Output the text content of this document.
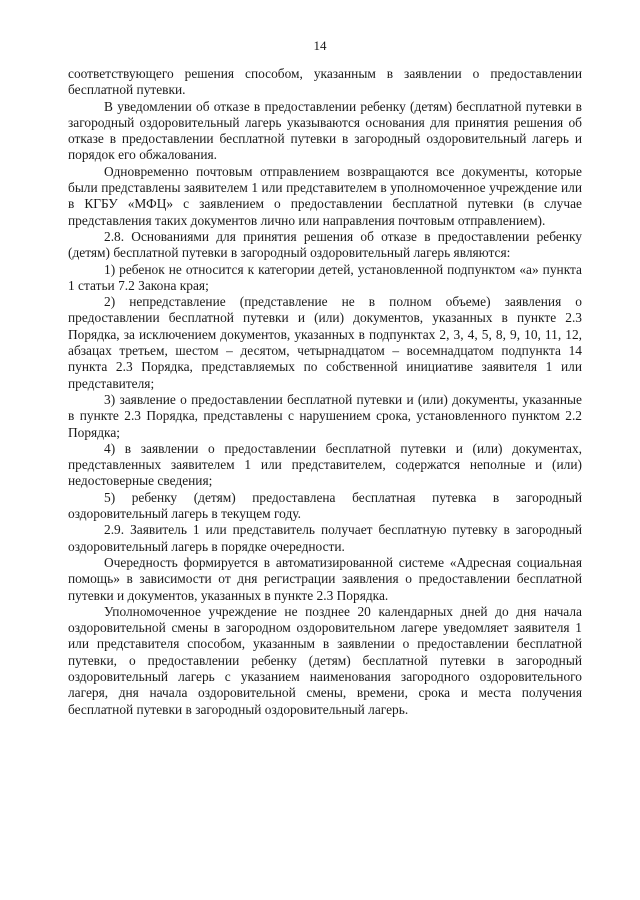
14

соответствующего решения способом, указанным в заявлении о предоставлении бесплатной путевки.

В уведомлении об отказе в предоставлении ребенку (детям) бесплатной путевки в загородный оздоровительный лагерь указываются основания для принятия решения об отказе в предоставлении бесплатной путевки в загородный оздоровительный лагерь и порядок его обжалования.

Одновременно почтовым отправлением возвращаются все документы, которые были представлены заявителем 1 или представителем в уполномоченное учреждение или в КГБУ «МФЦ» с заявлением о предоставлении бесплатной путевки (в случае представления таких документов лично или направления почтовым отправлением).

2.8. Основаниями для принятия решения об отказе в предоставлении ребенку (детям) бесплатной путевки в загородный оздоровительный лагерь являются:

1) ребенок не относится к категории детей, установленной подпунктом «а» пункта 1 статьи 7.2 Закона края;

2) непредставление (представление не в полном объеме) заявления о предоставлении бесплатной путевки и (или) документов, указанных в пункте 2.3 Порядка, за исключением документов, указанных в подпунктах 2, 3, 4, 5, 8, 9, 10, 11, 12, абзацах третьем, шестом – десятом, четырнадцатом – восемнадцатом подпункта 14 пункта 2.3 Порядка, представляемых по собственной инициативе заявителя 1 или представителя;

3) заявление о предоставлении бесплатной путевки и (или) документы, указанные в пункте 2.3 Порядка, представлены с нарушением срока, установленного пунктом 2.2 Порядка;

4) в заявлении о предоставлении бесплатной путевки и (или) документах, представленных заявителем 1 или представителем, содержатся неполные и (или) недостоверные сведения;

5) ребенку (детям) предоставлена бесплатная путевка в загородный оздоровительный лагерь в текущем году.

2.9. Заявитель 1 или представитель получает бесплатную путевку в загородный оздоровительный лагерь в порядке очередности.

Очередность формируется в автоматизированной системе «Адресная социальная помощь» в зависимости от дня регистрации заявления о предоставлении бесплатной путевки и документов, указанных в пункте 2.3 Порядка.

Уполномоченное учреждение не позднее 20 календарных дней до дня начала оздоровительной смены в загородном оздоровительном лагере уведомляет заявителя 1 или представителя способом, указанным в заявлении о предоставлении бесплатной путевки, о предоставлении ребенку (детям) бесплатной путевки в загородный оздоровительный лагерь с указанием наименования загородного оздоровительного лагеря, дня начала оздоровительной смены, времени, срока и места получения бесплатной путевки в загородный оздоровительный лагерь.
